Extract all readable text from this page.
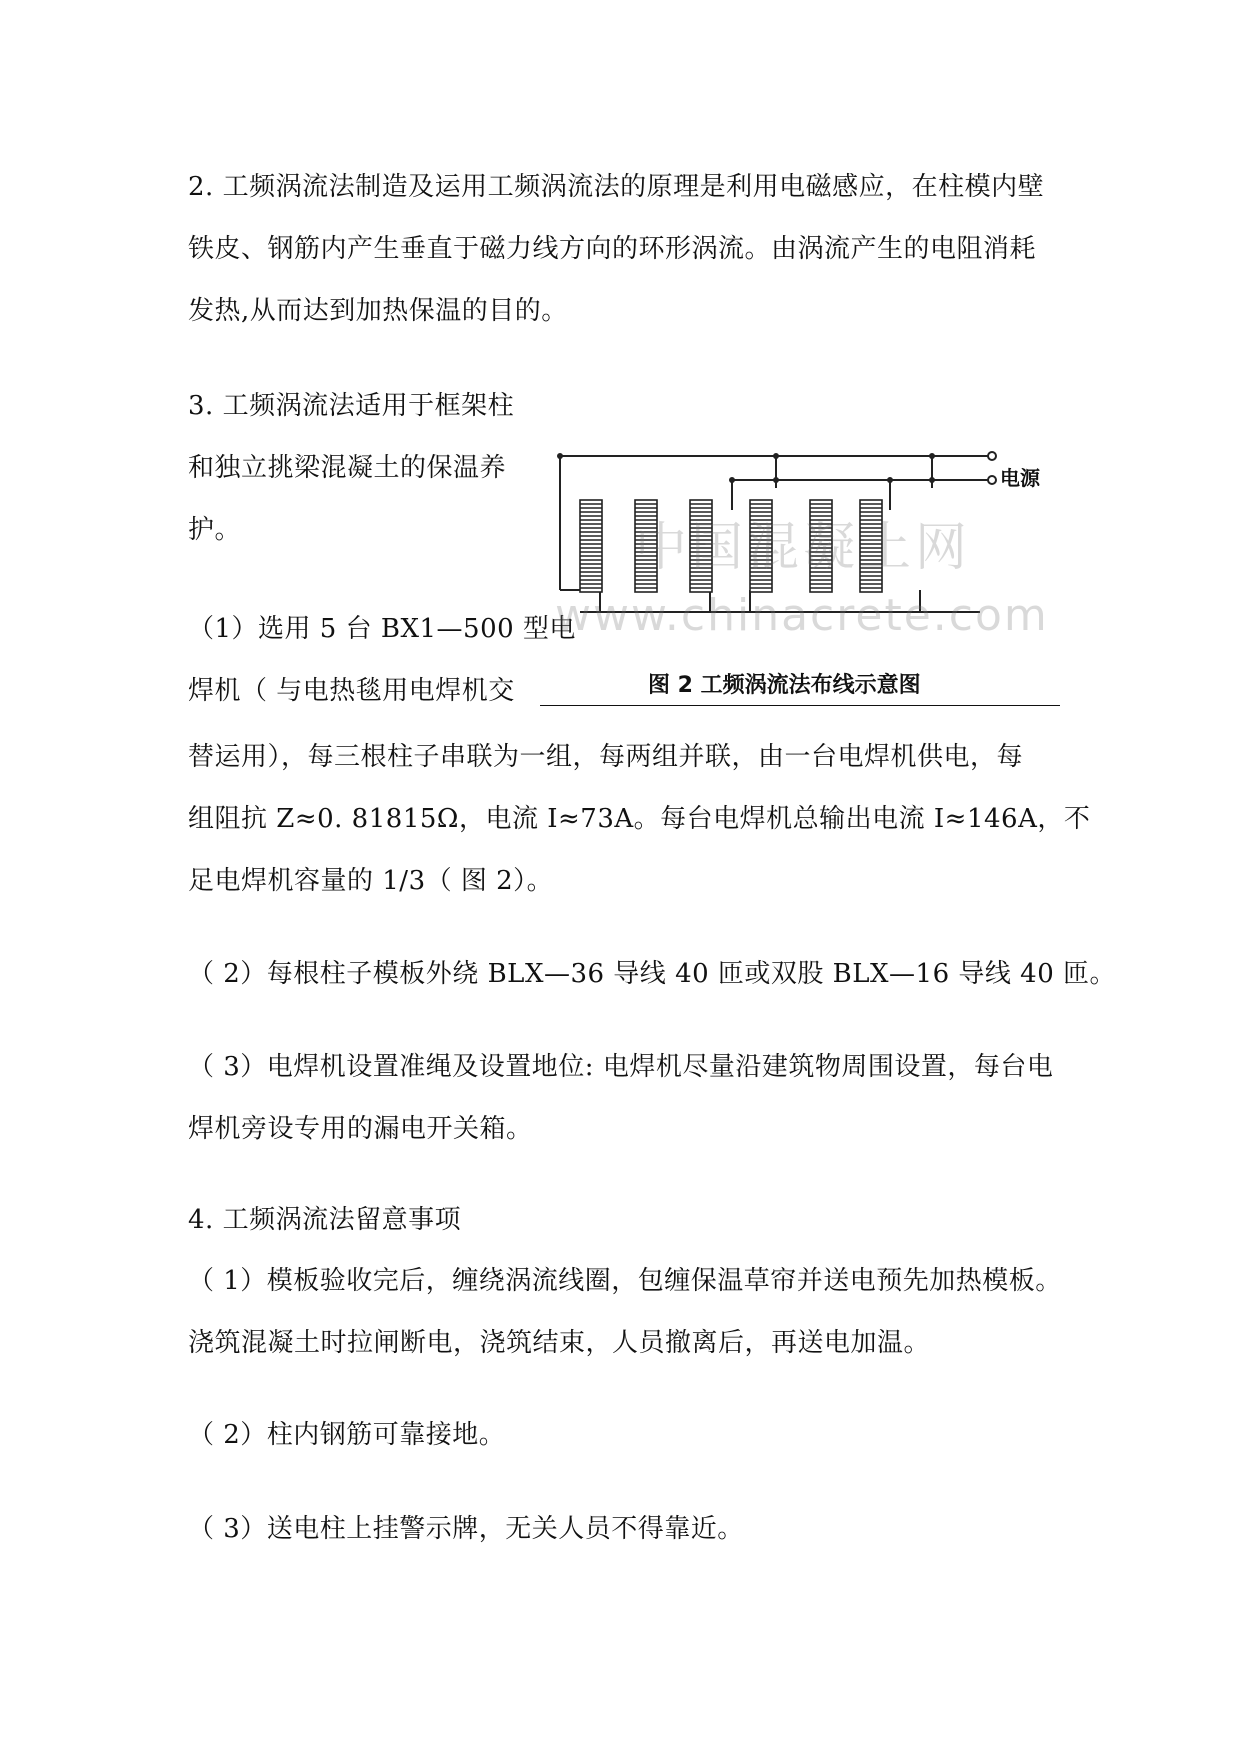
2. 工频涡流法制造及运用工频涡流法的原理是利用电磁感应，在柱模内壁
铁皮、钢筋内产生垂直于磁力线方向的环形涡流。由涡流产生的电阻消耗
发热,从而达到加热保温的目的。
3. 工频涡流法适用于框架柱
和独立挑梁混凝土的保温养
护。
（1）选用 5 台 BX1—500 型电
焊机（ 与电热毯用电焊机交
替运用），每三根柱子串联为一组，每两组并联，由一台电焊机供电，每
组阻抗 Z≈0. 81815Ω，电流 I≈73A。每台电焊机总输出电流 I≈146A，不
足电焊机容量的 1/3（ 图 2）。
（ 2）每根柱子模板外绕 BLX—36 导线 40 匝或双股 BLX—16 导线 40 匝。
（ 3）电焊机设置准绳及设置地位: 电焊机尽量沿建筑物周围设置，每台电
焊机旁设专用的漏电开关箱。
4. 工频涡流法留意事项
（ 1）模板验收完后，缠绕涡流线圈，包缠保温草帘并送电预先加热模板。
浇筑混凝土时拉闸断电，浇筑结束，人员撤离后，再送电加温。
（ 2）柱内钢筋可靠接地。
（ 3）送电柱上挂警示牌，无关人员不得靠近。
中国混凝土网
www.chinacrete.com
电源
图 2 工频涡流法布线示意图
